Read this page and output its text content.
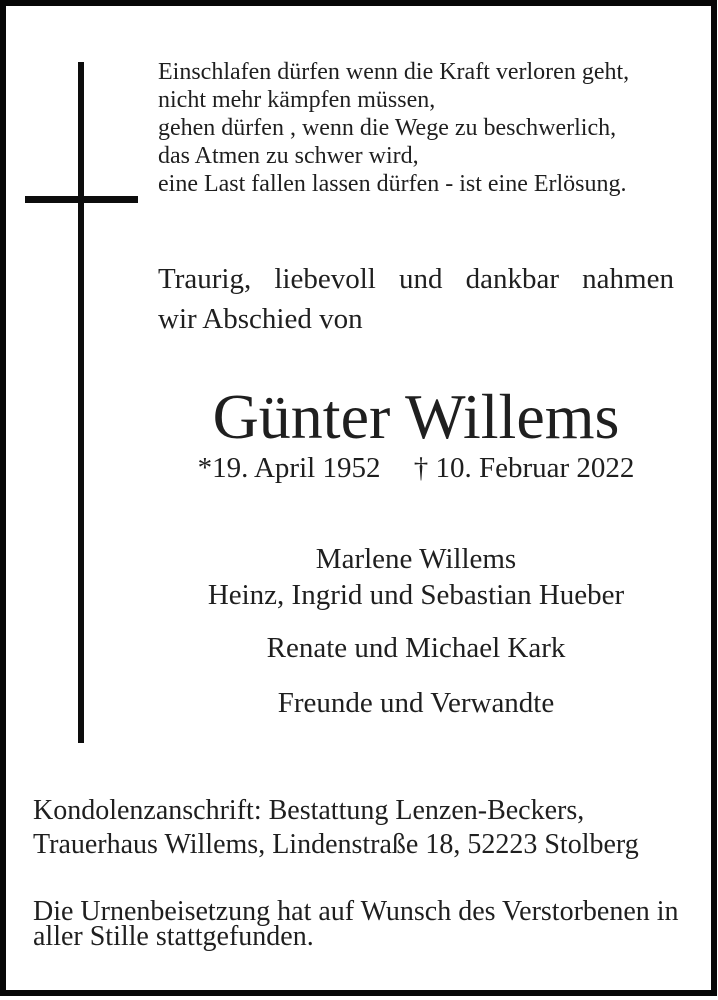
Einschlafen dürfen wenn die Kraft verloren geht,
nicht mehr kämpfen müssen,
gehen dürfen , wenn die Wege zu beschwerlich,
das Atmen zu schwer wird,
eine Last fallen lassen dürfen - ist eine Erlösung.
Traurig, liebevoll und dankbar nahmen
wir Abschied von
Günter Willems
*19. April 1952 † 10. Februar 2022
Marlene Willems
Heinz, Ingrid und Sebastian Hueber
Renate und Michael Kark
Freunde und Verwandte
Kondolenzanschrift: Bestattung Lenzen-Beckers,
Trauerhaus Willems, Lindenstraße 18, 52223 Stolberg
Die Urnenbeisetzung hat auf Wunsch des Verstorbenen in
aller Stille stattgefunden.
